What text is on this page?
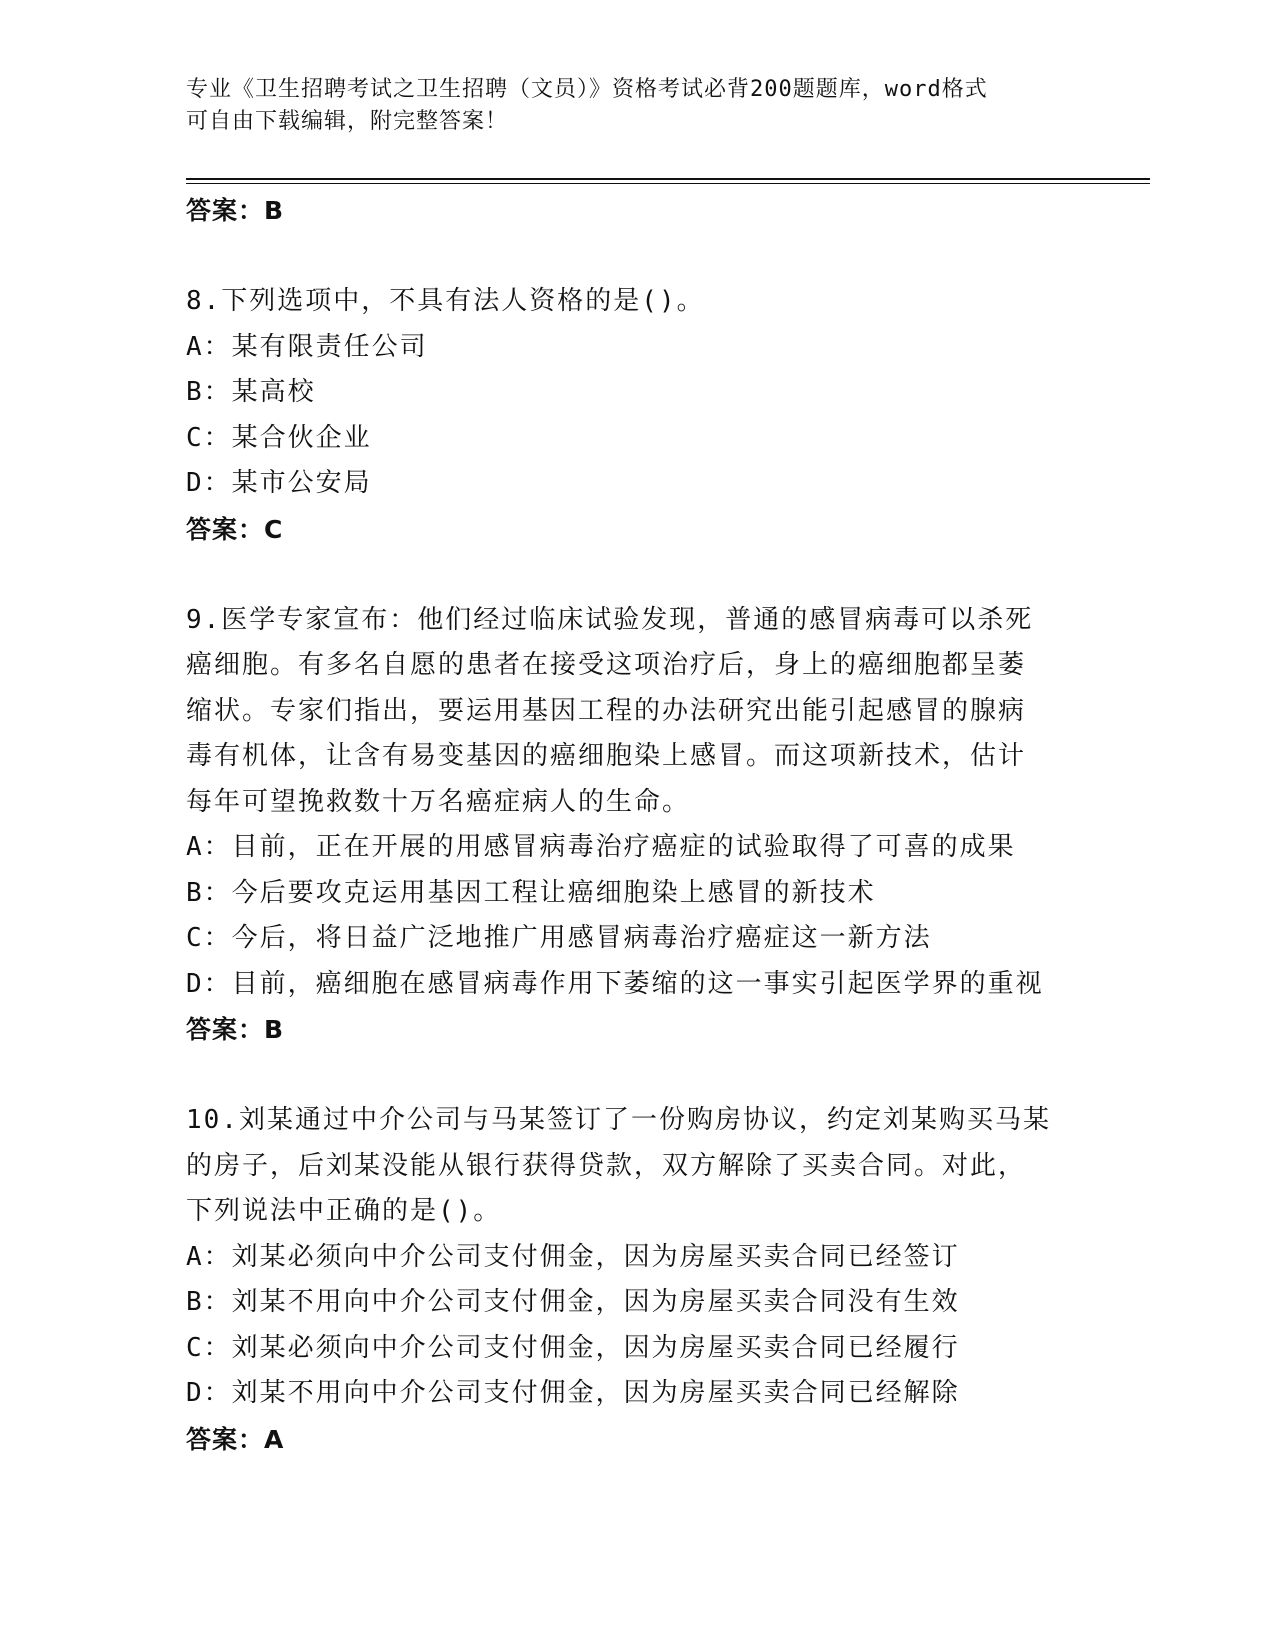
专业《卫生招聘考试之卫生招聘（文员）》资格考试必背200题题库，word格式
可自由下载编辑，附完整答案！
答案：B
8.下列选项中，不具有法人资格的是()。
A：某有限责任公司
B：某高校
C：某合伙企业
D：某市公安局
答案：C
9.医学专家宣布：他们经过临床试验发现，普通的感冒病毒可以杀死
癌细胞。有多名自愿的患者在接受这项治疗后，身上的癌细胞都呈萎
缩状。专家们指出，要运用基因工程的办法研究出能引起感冒的腺病
毒有机体，让含有易变基因的癌细胞染上感冒。而这项新技术，估计
每年可望挽救数十万名癌症病人的生命。
A：目前，正在开展的用感冒病毒治疗癌症的试验取得了可喜的成果
B：今后要攻克运用基因工程让癌细胞染上感冒的新技术
C：今后，将日益广泛地推广用感冒病毒治疗癌症这一新方法
D：目前，癌细胞在感冒病毒作用下萎缩的这一事实引起医学界的重视
答案：B
10.刘某通过中介公司与马某签订了一份购房协议，约定刘某购买马某
的房子，后刘某没能从银行获得贷款，双方解除了买卖合同。对此，
下列说法中正确的是()。
A：刘某必须向中介公司支付佣金，因为房屋买卖合同已经签订
B：刘某不用向中介公司支付佣金，因为房屋买卖合同没有生效
C：刘某必须向中介公司支付佣金，因为房屋买卖合同已经履行
D：刘某不用向中介公司支付佣金，因为房屋买卖合同已经解除
答案：A
